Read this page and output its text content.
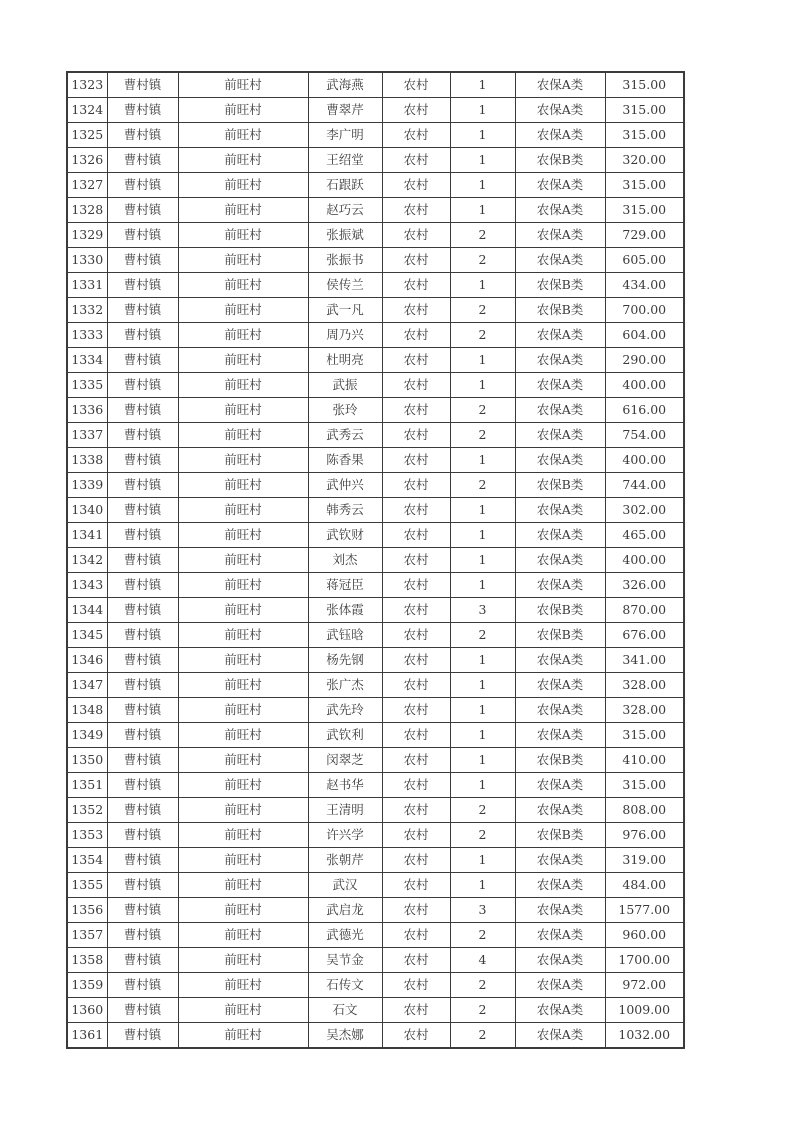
1323	曹村镇	前旺村	武海燕	农村	1	农保A类	315.00
1324	曹村镇	前旺村	曹翠芹	农村	1	农保A类	315.00
1325	曹村镇	前旺村	李广明	农村	1	农保A类	315.00
1326	曹村镇	前旺村	王绍堂	农村	1	农保B类	320.00
1327	曹村镇	前旺村	石跟跃	农村	1	农保A类	315.00
1328	曹村镇	前旺村	赵巧云	农村	1	农保A类	315.00
1329	曹村镇	前旺村	张振斌	农村	2	农保A类	729.00
1330	曹村镇	前旺村	张振书	农村	2	农保A类	605.00
1331	曹村镇	前旺村	侯传兰	农村	1	农保B类	434.00
1332	曹村镇	前旺村	武一凡	农村	2	农保B类	700.00
1333	曹村镇	前旺村	周乃兴	农村	2	农保A类	604.00
1334	曹村镇	前旺村	杜明亮	农村	1	农保A类	290.00
1335	曹村镇	前旺村	武振	农村	1	农保A类	400.00
1336	曹村镇	前旺村	张玲	农村	2	农保A类	616.00
1337	曹村镇	前旺村	武秀云	农村	2	农保A类	754.00
1338	曹村镇	前旺村	陈香果	农村	1	农保A类	400.00
1339	曹村镇	前旺村	武仲兴	农村	2	农保B类	744.00
1340	曹村镇	前旺村	韩秀云	农村	1	农保A类	302.00
1341	曹村镇	前旺村	武钦财	农村	1	农保A类	465.00
1342	曹村镇	前旺村	刘杰	农村	1	农保A类	400.00
1343	曹村镇	前旺村	蒋冠臣	农村	1	农保A类	326.00
1344	曹村镇	前旺村	张体霞	农村	3	农保B类	870.00
1345	曹村镇	前旺村	武钰晗	农村	2	农保B类	676.00
1346	曹村镇	前旺村	杨先钢	农村	1	农保A类	341.00
1347	曹村镇	前旺村	张广杰	农村	1	农保A类	328.00
1348	曹村镇	前旺村	武先玲	农村	1	农保A类	328.00
1349	曹村镇	前旺村	武钦利	农村	1	农保A类	315.00
1350	曹村镇	前旺村	闵翠芝	农村	1	农保B类	410.00
1351	曹村镇	前旺村	赵书华	农村	1	农保A类	315.00
1352	曹村镇	前旺村	王清明	农村	2	农保A类	808.00
1353	曹村镇	前旺村	许兴学	农村	2	农保B类	976.00
1354	曹村镇	前旺村	张朝芹	农村	1	农保A类	319.00
1355	曹村镇	前旺村	武汉	农村	1	农保A类	484.00
1356	曹村镇	前旺村	武启龙	农村	3	农保A类	1577.00
1357	曹村镇	前旺村	武德光	农村	2	农保A类	960.00
1358	曹村镇	前旺村	吴节金	农村	4	农保A类	1700.00
1359	曹村镇	前旺村	石传文	农村	2	农保A类	972.00
1360	曹村镇	前旺村	石文	农村	2	农保A类	1009.00
1361	曹村镇	前旺村	吴杰娜	农村	2	农保A类	1032.00
